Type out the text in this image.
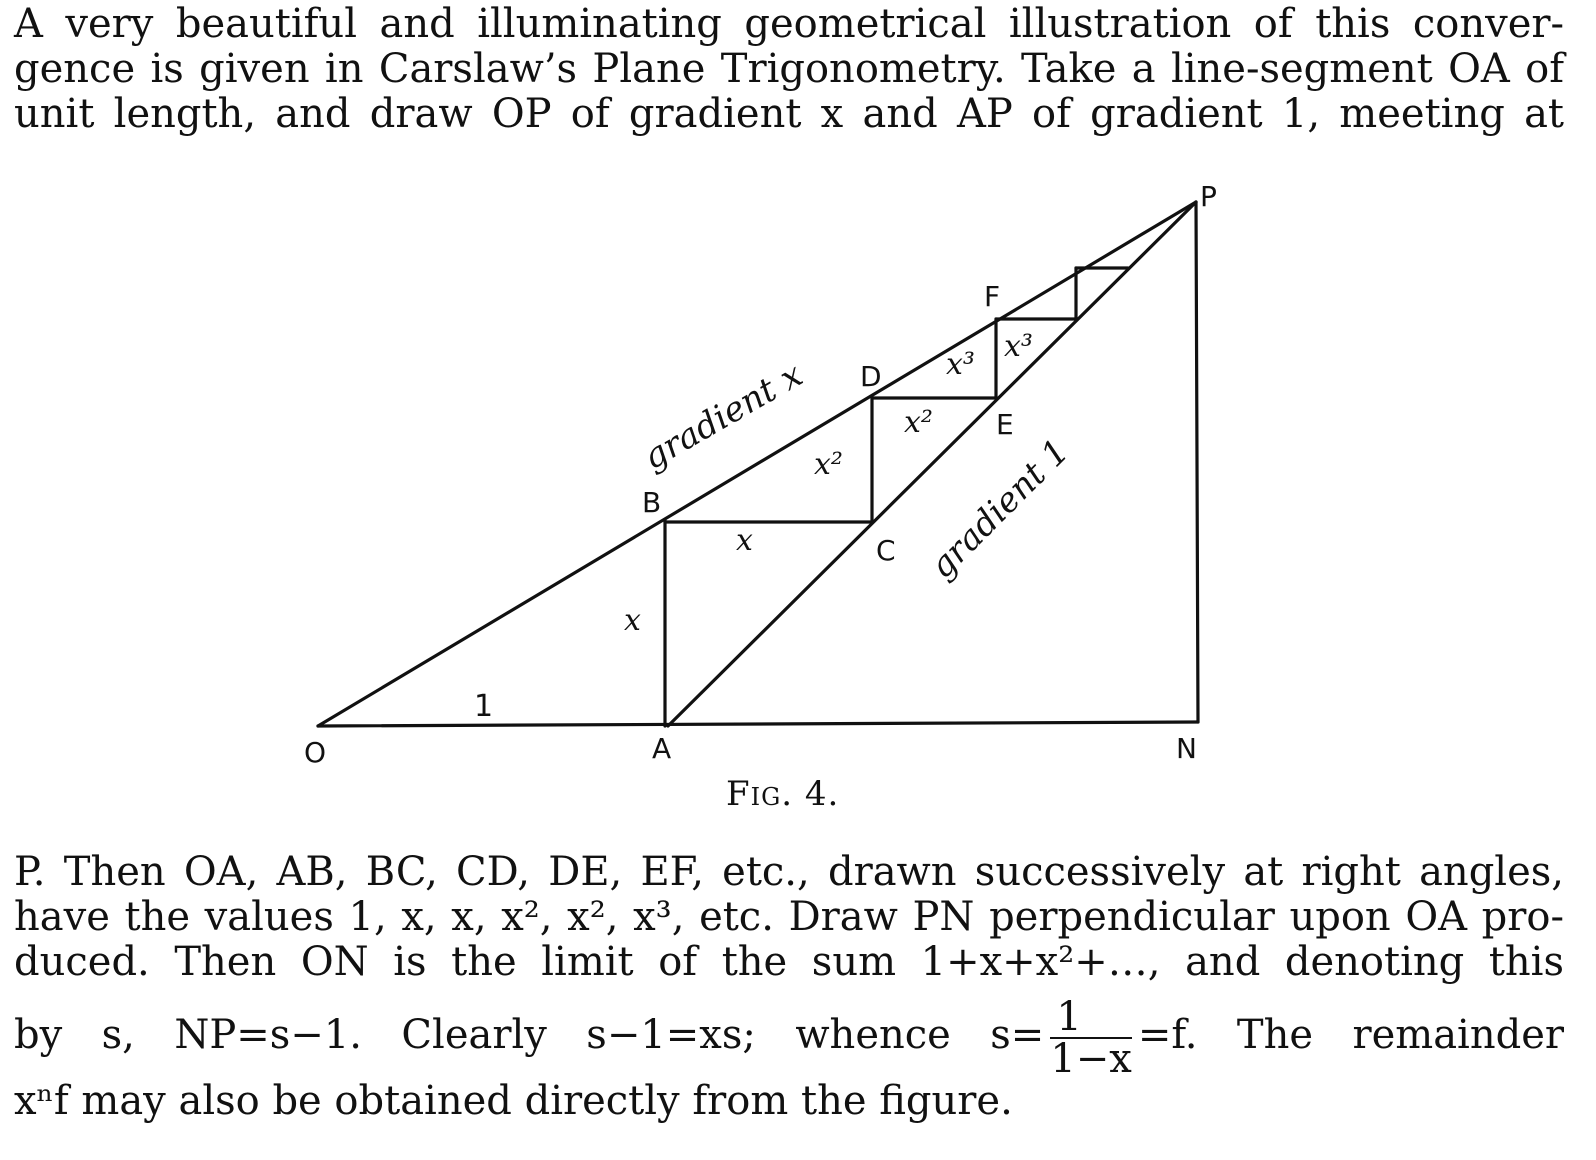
A very beautiful and illuminating geometrical illustration of this conver-
gence is given in Carslaw’s Plane Trigonometry. Take a line-segment OA of
unit length, and draw OP of gradient x and AP of gradient 1, meeting at
O	A	N
P
B
C
D
E
F
1
x
x
x²
x²
x³
x³
gradient x
gradient 1
Fig. 4.
P. Then OA, AB, BC, CD, DE, EF, etc., drawn successively at right angles,
have the values 1, x, x, x², x², x³, etc. Draw PN perpendicular upon OA pro-
duced. Then ON is the limit of the sum 1+x+x²+…, and denoting this
by s, NP=s−1. Clearly s−1=xs; whence $s= \frac{1}{1-x} =f$. The remainder
xⁿf may also be obtained directly from the figure.
